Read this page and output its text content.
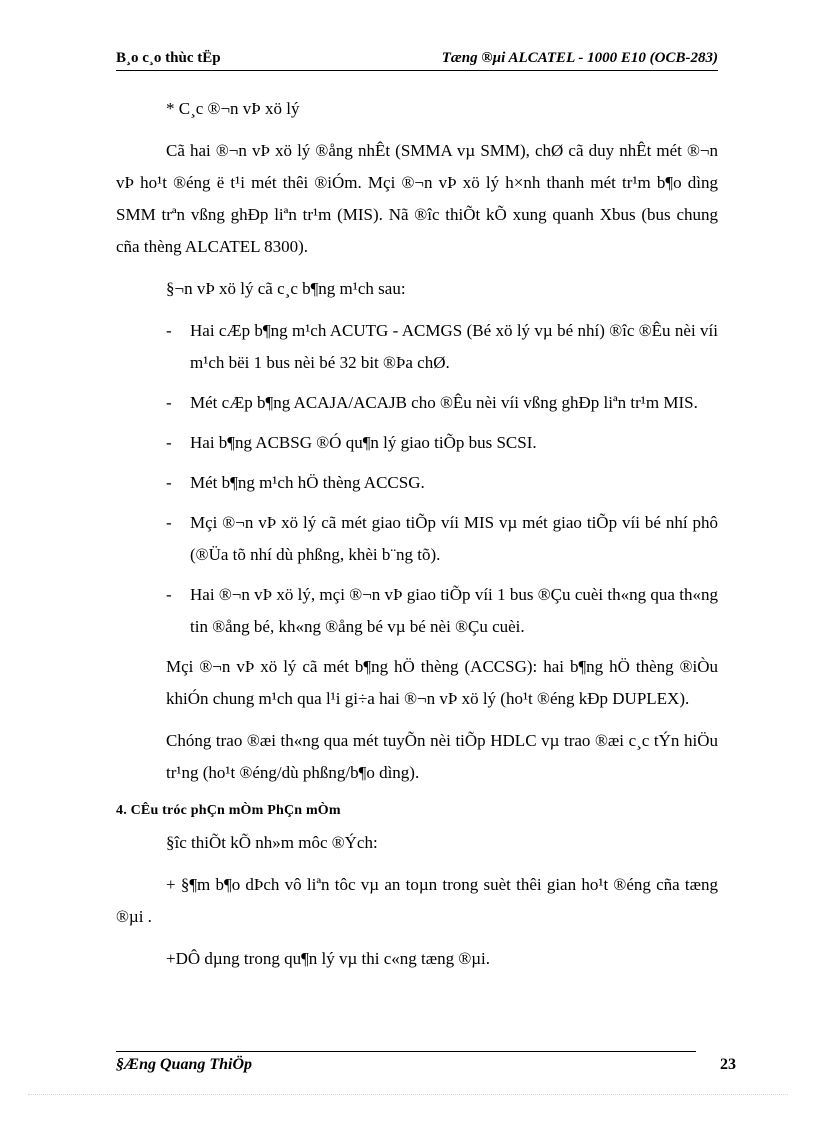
B¸o c¸o thùc tËp	Tæng ®µi ALCATEL - 1000 E10 (OCB-283)

* C¸c ®¬n vÞ xö lý

Cã hai ®¬n vÞ xö lý ®ång nhÊt (SMMA vµ SMM), chØ cã duy nhÊt mét ®¬n vÞ ho¹t ®éng ë t¹i mét thêi ®iÓm. Mçi ®¬n vÞ xö lý h×nh thanh mét tr¹m b¶o dìng SMM trªn vßng ghÐp liªn tr¹m (MIS). Nã ®îc thiÕt kÕ xung quanh Xbus (bus chung cña thèng ALCATEL 8300).

§¬n vÞ xö lý cã c¸c b¶ng m¹ch sau:

- Hai cÆp b¶ng m¹ch ACUTG - ACMGS (Bé xö lý vµ bé nhí) ®îc ®Êu nèi víi m¹ch bëi 1 bus nèi bé 32 bit ®Þa chØ.
- Mét cÆp b¶ng ACAJA/ACAJB cho ®Êu nèi víi vßng ghÐp liªn tr¹m MIS.
- Hai b¶ng ACBSG ®Ó qu¶n lý giao tiÕp bus SCSI.
- Mét b¶ng m¹ch hÖ thèng ACCSG.
- Mçi ®¬n vÞ xö lý cã mét giao tiÕp víi MIS vµ mét giao tiÕp víi bé nhí phô (®Üa tõ nhí dù phßng, khèi b¨ng tõ).
- Hai ®¬n vÞ xö lý, mçi ®¬n vÞ giao tiÕp víi 1 bus ®Çu cuèi th«ng qua th«ng tin ®ång bé, kh«ng ®ång bé vµ bé nèi ®Çu cuèi.

Mçi ®¬n vÞ xö lý cã mét b¶ng hÖ thèng (ACCSG): hai b¶ng hÖ thèng ®iÒu khiÓn chung m¹ch qua l¹i gi÷a hai ®¬n vÞ xö lý (ho¹t ®éng kÐp DUPLEX).

Chóng trao ®æi th«ng qua mét tuyÕn nèi tiÕp HDLC vµ trao ®æi c¸c tÝn hiÖu tr¹ng (ho¹t ®éng/dù phßng/b¶o dìng).

4. CÊu tróc phÇn mÒm PhÇn mÒm

§îc thiÕt kÕ nh»m môc ®Ých:

+ §¶m b¶o dÞch vô liªn tôc vµ an toµn trong suèt thêi gian ho¹t ®éng cña tæng ®µi .

+DÔ dµng trong qu¶n lý vµ thi c«ng tæng ®µi.

§Æng Quang ThiÖp	23
